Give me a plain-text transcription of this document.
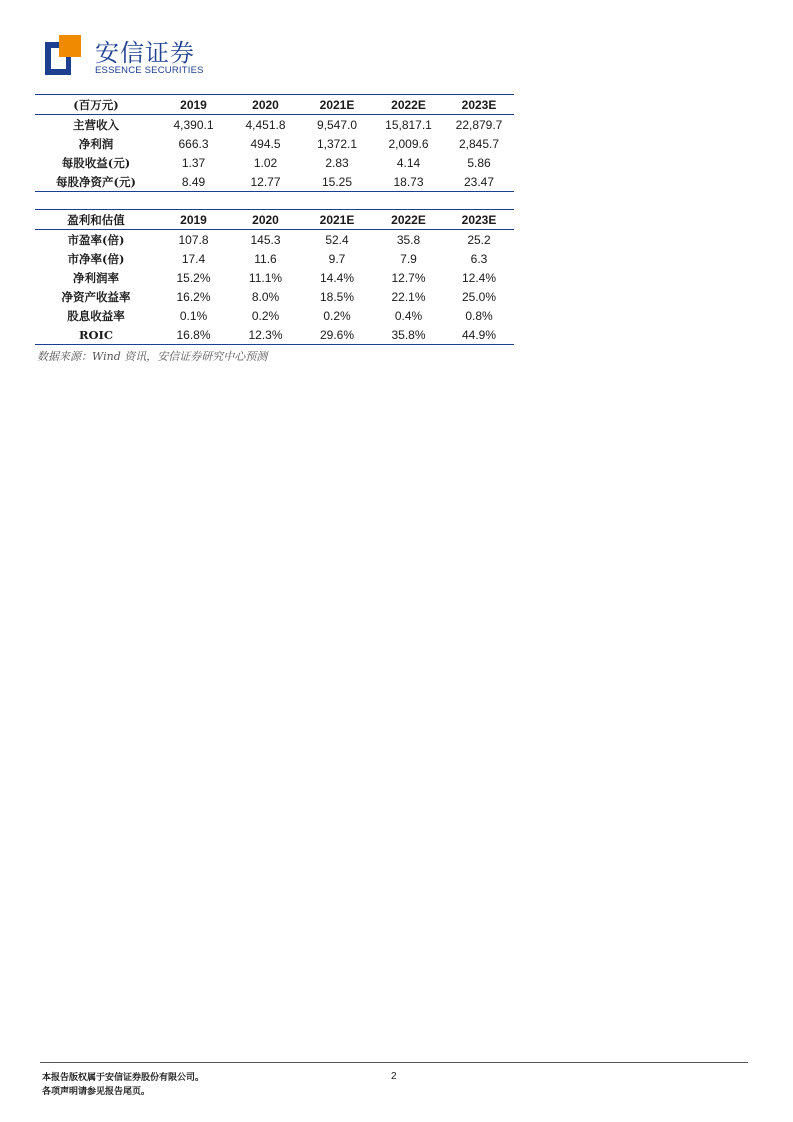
安信证券
ESSENCE SECURITIES
(百万元)	2019	2020	2021E	2022E	2023E
主营收入	4,390.1	4,451.8	9,547.0	15,817.1	22,879.7
净利润	666.3	494.5	1,372.1	2,009.6	2,845.7
每股收益(元)	1.37	1.02	2.83	4.14	5.86
每股净资产(元)	8.49	12.77	15.25	18.73	23.47
盈利和估值	2019	2020	2021E	2022E	2023E
市盈率(倍)	107.8	145.3	52.4	35.8	25.2
市净率(倍)	17.4	11.6	9.7	7.9	6.3
净利润率	15.2%	11.1%	14.4%	12.7%	12.4%
净资产收益率	16.2%	8.0%	18.5%	22.1%	25.0%
股息收益率	0.1%	0.2%	0.2%	0.4%	0.8%
ROIC	16.8%	12.3%	29.6%	35.8%	44.9%
数据来源：Wind 资讯，安信证券研究中心预测
本报告版权属于安信证券股份有限公司。
各项声明请参见报告尾页。
2
